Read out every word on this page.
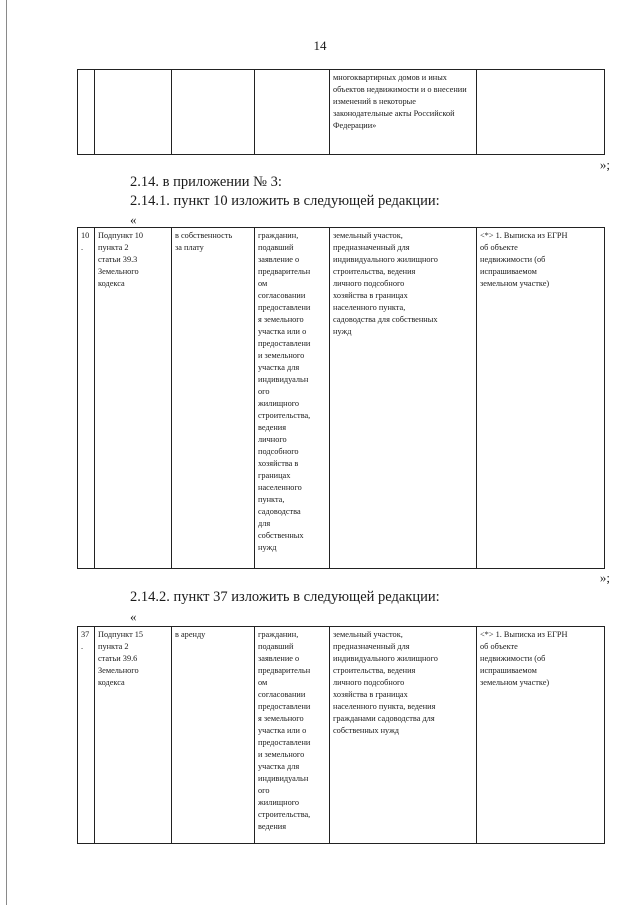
14
				многоквартирных домов и иных объектов недвижимости и о внесении изменений в некоторые законодательные акты Российской Федерации»	
»;
2.14. в приложении № 3:
2.14.1. пункт 10 изложить в следующей редакции:
«
10.	Подпункт 10
пункта 2
статьи 39.3
Земельного
кодекса	в собственность
за плату	гражданин,
подавший
заявление о
предварительн
ом
согласовании
предоставлени
я земельного
участка или о
предоставлени
и земельного
участка для
индивидуальн
ого
жилищного
строительства,
ведения
личного
подсобного
хозяйства в
границах
населенного
пункта,
садоводства
для
собственных
нужд	земельный участок,
предназначенный для
индивидуального жилищного
строительства, ведения
личного подсобного
хозяйства в границах
населенного пункта,
садоводства для собственных
нужд	<*> 1. Выписка из ЕГРН
об объекте
недвижимости (об
испрашиваемом
земельном участке)
»;
2.14.2. пункт 37 изложить в следующей редакции:
«
37.	Подпункт 15
пункта 2
статьи 39.6
Земельного
кодекса	в аренду	гражданин,
подавший
заявление о
предварительн
ом
согласовании
предоставлени
я земельного
участка или о
предоставлени
и земельного
участка для
индивидуальн
ого
жилищного
строительства,
ведения	земельный участок,
предназначенный для
индивидуального жилищного
строительства, ведения
личного подсобного
хозяйства в границах
населенного пункта, ведения
гражданами садоводства для
собственных нужд	<*> 1. Выписка из ЕГРН
об объекте
недвижимости (об
испрашиваемом
земельном участке)
